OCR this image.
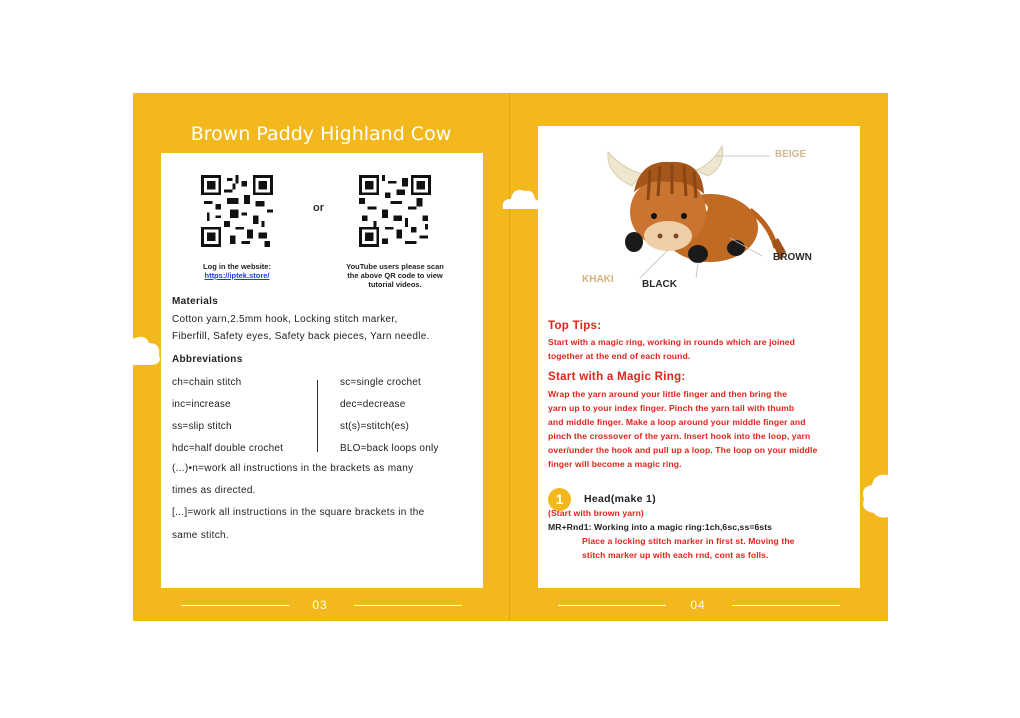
Brown Paddy Highland Cow
or
Log in the website:
https://iptek.store/
YouTube users please scan
the above QR code to view
tutorial videos.
Materials
Cotton yarn,2.5mm hook, Locking stitch marker,
Fiberfill, Safety eyes, Safety back pieces, Yarn needle.
Abbreviations
ch=chain stitch	sc=single crochet
inc=increase	dec=decrease
ss=slip stitch	st(s)=stitch(es)
hdc=half double crochet	BLO=back loops only
(...)•n=work all instructions in the brackets as many
times as directed.
[...]=work all instructions in the square brackets in the
same stitch.
03
BEIGE
BROWN
KHAKI	BLACK
Top Tips:
Start with a magic ring, working in rounds which are joined
together at the end of each round.
Start with a Magic Ring:
Wrap the yarn around your little finger and then bring the
yarn up to your index finger. Pinch the yarn tail with thumb
and middle finger. Make a loop around your middle finger and
pinch the crossover of the yarn. Insert hook into the loop, yarn
over/under the hook and pull up a loop. The loop on your middle
finger will become a magic ring.
1	Head(make 1)
(Start with brown yarn)
MR+Rnd1: Working into a magic ring:1ch,6sc,ss=6sts
Place a locking stitch marker in first st. Moving the
stitch marker up with each rnd, cont as folls.
04
